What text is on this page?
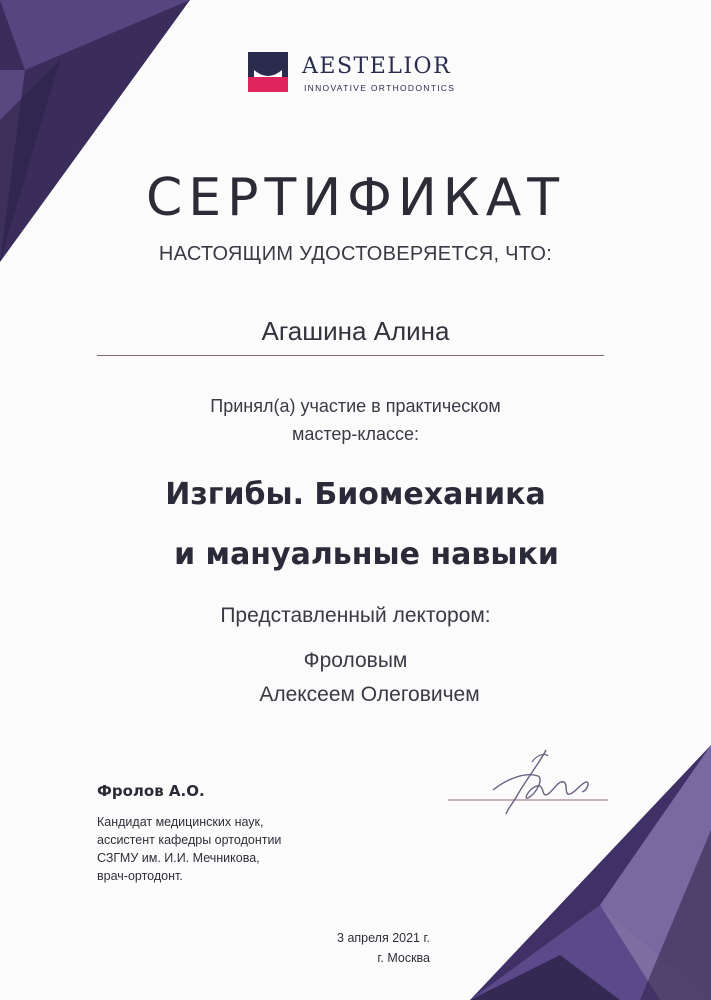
AESTELIOR
INNOVATIVE ORTHODONTICS
СЕРТИФИКАТ
НАСТОЯЩИМ УДОСТОВЕРЯЕТСЯ, ЧТО:
Агашина Алина
Принял(а) участие в практическом
мастер-классе:
Изгибы. Биомеханика
и мануальные навыки
Представленный лектором:
Фроловым
Алексеем Олеговичем
Фролов А.О.
Кандидат медицинских наук,
ассистент кафедры ортодонтии
СЗГМУ им. И.И. Мечникова,
врач-ортодонт.
3 апреля 2021 г.
г. Москва
